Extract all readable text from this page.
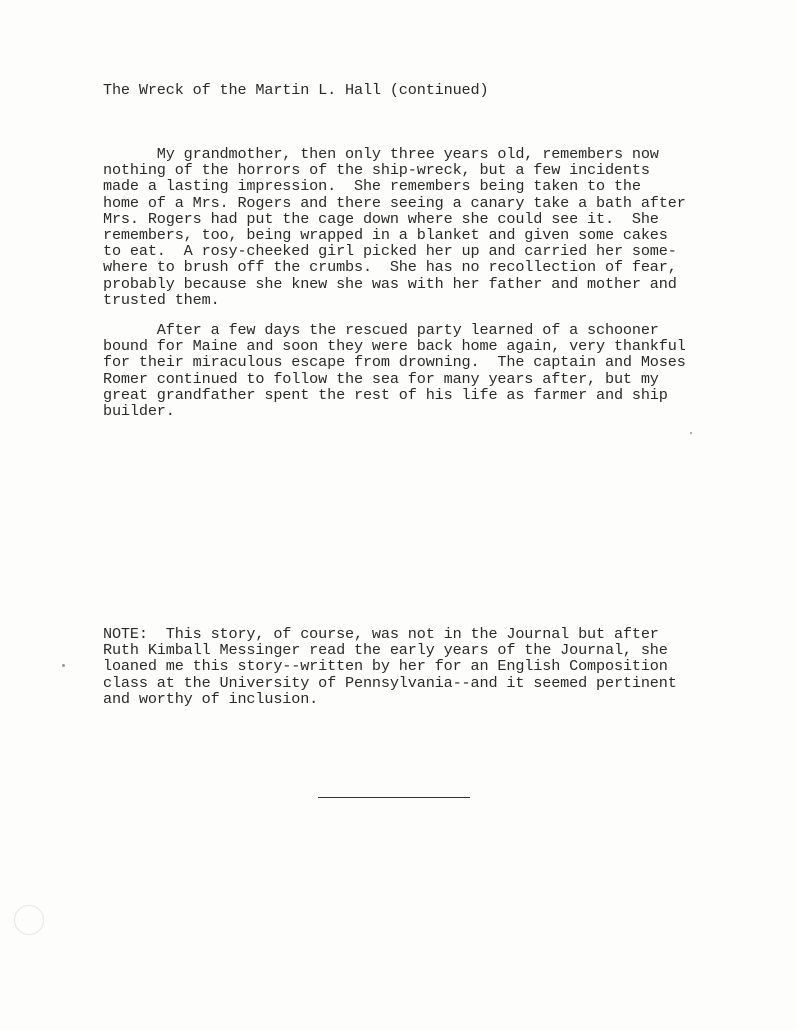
The Wreck of the Martin L. Hall (continued)
My grandmother, then only three years old, remembers now
nothing of the horrors of the ship-wreck, but a few incidents
made a lasting impression.  She remembers being taken to the
home of a Mrs. Rogers and there seeing a canary take a bath after
Mrs. Rogers had put the cage down where she could see it.  She
remembers, too, being wrapped in a blanket and given some cakes
to eat.  A rosy-cheeked girl picked her up and carried her some-
where to brush off the crumbs.  She has no recollection of fear,
probably because she knew she was with her father and mother and
trusted them.
After a few days the rescued party learned of a schooner
bound for Maine and soon they were back home again, very thankful
for their miraculous escape from drowning.  The captain and Moses
Romer continued to follow the sea for many years after, but my
great grandfather spent the rest of his life as farmer and ship
builder.
NOTE:  This story, of course, was not in the Journal but after
Ruth Kimball Messinger read the early years of the Journal, she
loaned me this story--written by her for an English Composition
class at the University of Pennsylvania--and it seemed pertinent
and worthy of inclusion.
